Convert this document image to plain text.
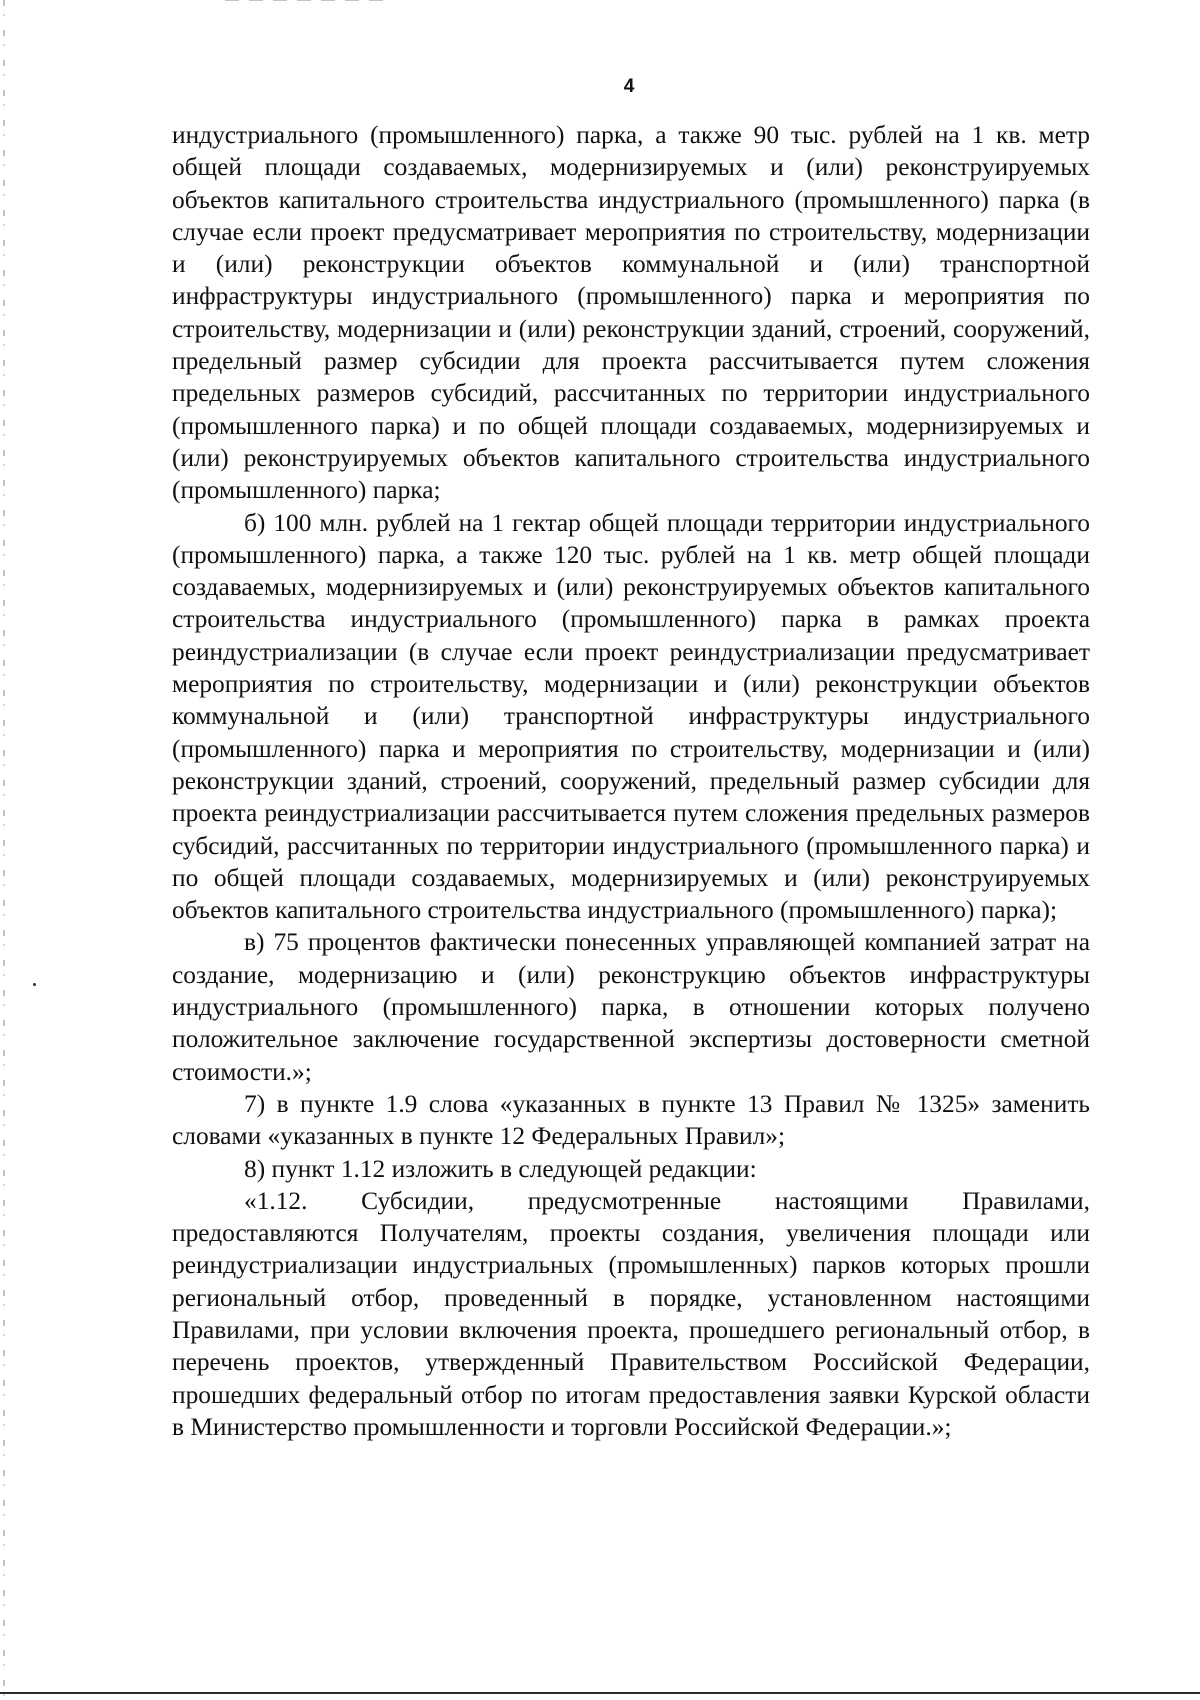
4

индустриального (промышленного) парка, а также 90 тыс. рублей на 1 кв. метр общей площади создаваемых, модернизируемых и (или) реконструируемых объектов капитального строительства индустриального (промышленного) парка (в случае если проект предусматривает мероприятия по строительству, модернизации и (или) реконструкции объектов коммунальной и (или) транспортной инфраструктуры индустриального (промышленного) парка и мероприятия по строительству, модернизации и (или) реконструкции зданий, строений, сооружений, предельный размер субсидии для проекта рассчитывается путем сложения предельных размеров субсидий, рассчитанных по территории индустриального (промышленного парка) и по общей площади создаваемых, модернизируемых и (или) реконструируемых объектов капитального строительства индустриального (промышленного) парка;

б) 100 млн. рублей на 1 гектар общей площади территории индустриального (промышленного) парка, а также 120 тыс. рублей на 1 кв. метр общей площади создаваемых, модернизируемых и (или) реконструируемых объектов капитального строительства индустриального (промышленного) парка в рамках проекта реиндустриализации (в случае если проект реиндустриализации предусматривает мероприятия по строительству, модернизации и (или) реконструкции объектов коммунальной и (или) транспортной инфраструктуры индустриального (промышленного) парка и мероприятия по строительству, модернизации и (или) реконструкции зданий, строений, сооружений, предельный размер субсидии для проекта реиндустриализации рассчитывается путем сложения предельных размеров субсидий, рассчитанных по территории индустриального (промышленного парка) и по общей площади создаваемых, модернизируемых и (или) реконструируемых объектов капитального строительства индустриального (промышленного) парка);

в) 75 процентов фактически понесенных управляющей компанией затрат на создание, модернизацию и (или) реконструкцию объектов инфраструктуры индустриального (промышленного) парка, в отношении которых получено положительное заключение государственной экспертизы достоверности сметной стоимости.»;

7) в пункте 1.9 слова «указанных в пункте 13 Правил № 1325» заменить словами «указанных в пункте 12 Федеральных Правил»;

8) пункт 1.12 изложить в следующей редакции:

«1.12. Субсидии, предусмотренные настоящими Правилами, предоставляются Получателям, проекты создания, увеличения площади или реиндустриализации индустриальных (промышленных) парков которых прошли региональный отбор, проведенный в порядке, установленном настоящими Правилами, при условии включения проекта, прошедшего региональный отбор, в перечень проектов, утвержденный Правительством Российской Федерации, прошедших федеральный отбор по итогам предоставления заявки Курской области в Министерство промышленности и торговли Российской Федерации.»;
